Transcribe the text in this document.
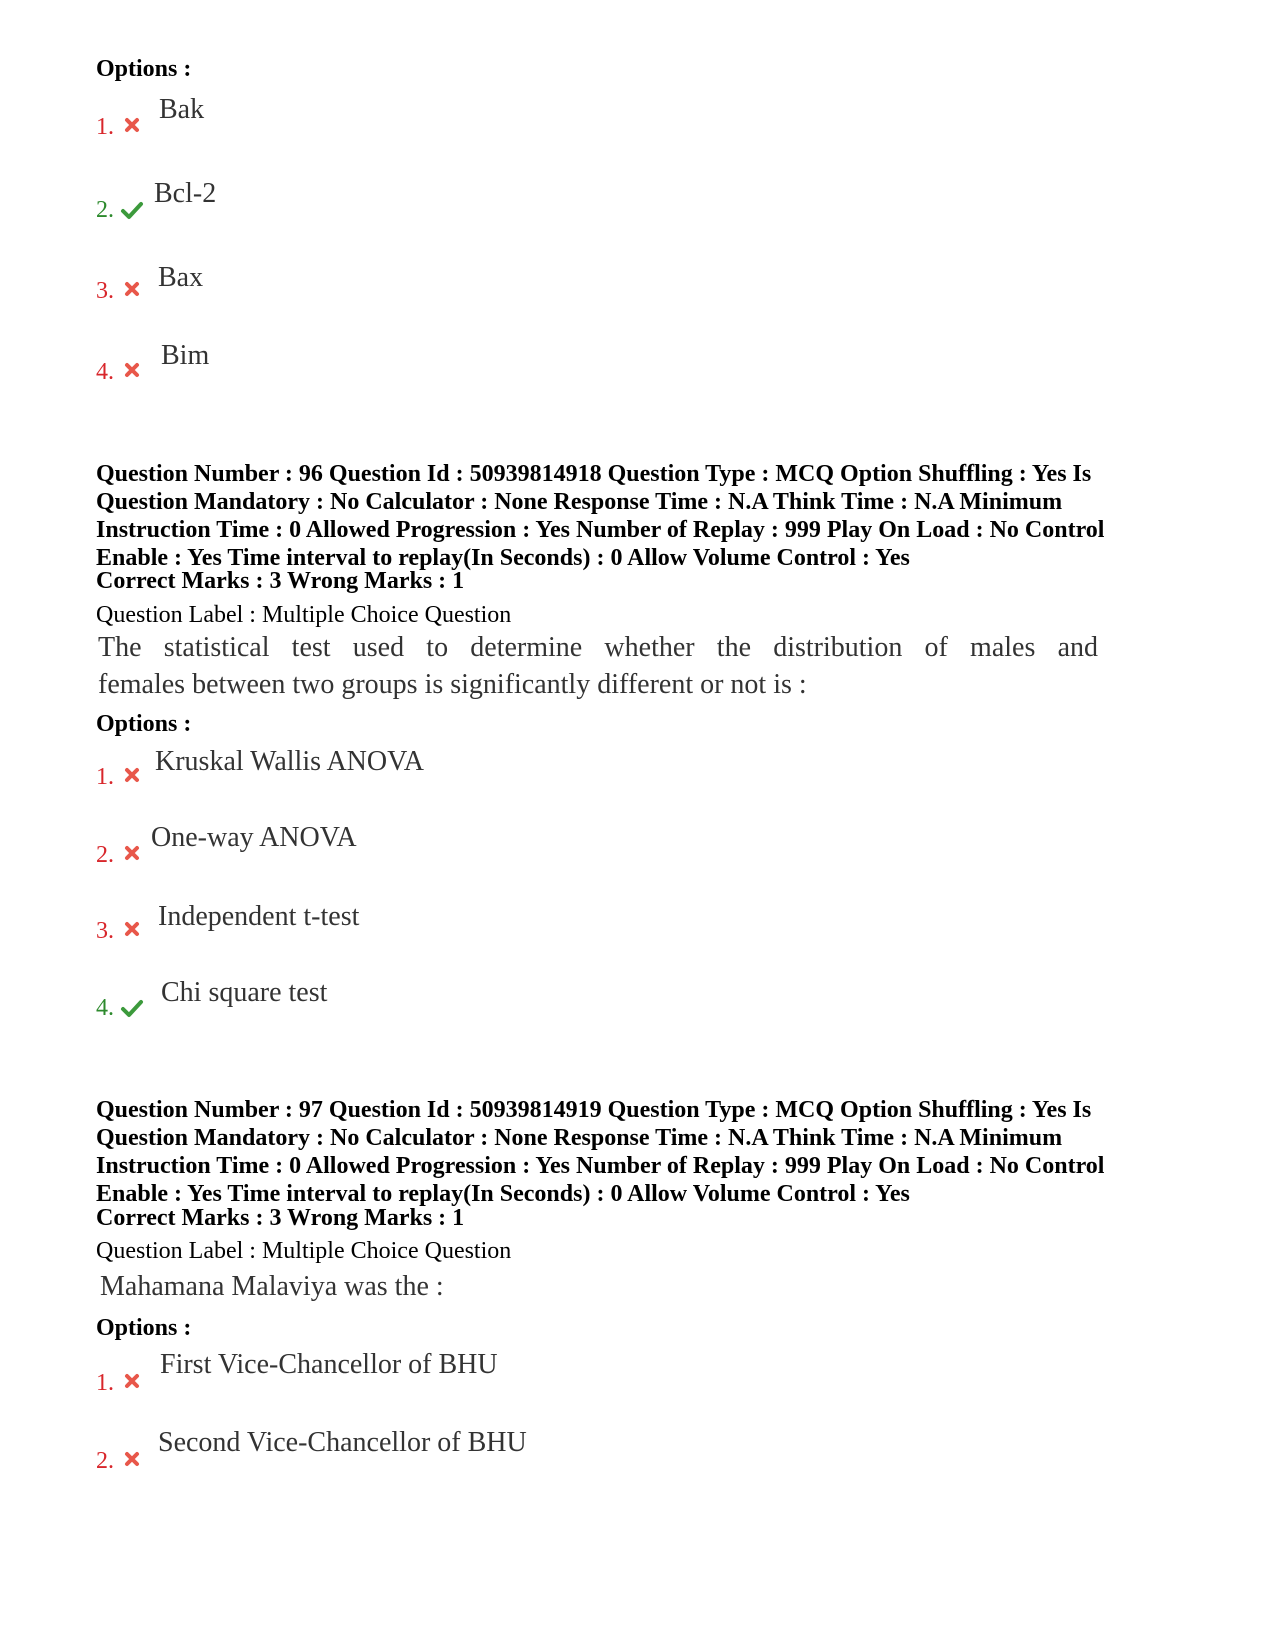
Options :
1.
Bak
2.
Bcl-2
3. Bax
4.
Bim
Question Number : 96 Question Id : 50939814918 Question Type : MCQ Option Shuffling : Yes Is
Question Mandatory : No Calculator : None Response Time : N.A Think Time : N.A Minimum
Instruction Time : 0 Allowed Progression : Yes Number of Replay : 999 Play On Load : No Control
Enable : Yes Time interval to replay(In Seconds) : 0 Allow Volume Control : Yes
Correct Marks : 3 Wrong Marks : 1
Question Label : Multiple Choice Question
The statistical test used to determine whether the distribution of males and
females between two groups is significantly different or not is :
Options :
1. Kruskal Wallis ANOVA
2.
One-way ANOVA
3. Independent t-test
4. Chi square test
Question Number : 97 Question Id : 50939814919 Question Type : MCQ Option Shuffling : Yes Is
Question Mandatory : No Calculator : None Response Time : N.A Think Time : N.A Minimum
Instruction Time : 0 Allowed Progression : Yes Number of Replay : 999 Play On Load : No Control
Enable : Yes Time interval to replay(In Seconds) : 0 Allow Volume Control : Yes
Correct Marks : 3 Wrong Marks : 1
Question Label : Multiple Choice Question
Mahamana Malaviya was the :
Options :
1.
First Vice-Chancellor of BHU
2.
Second Vice-Chancellor of BHU
